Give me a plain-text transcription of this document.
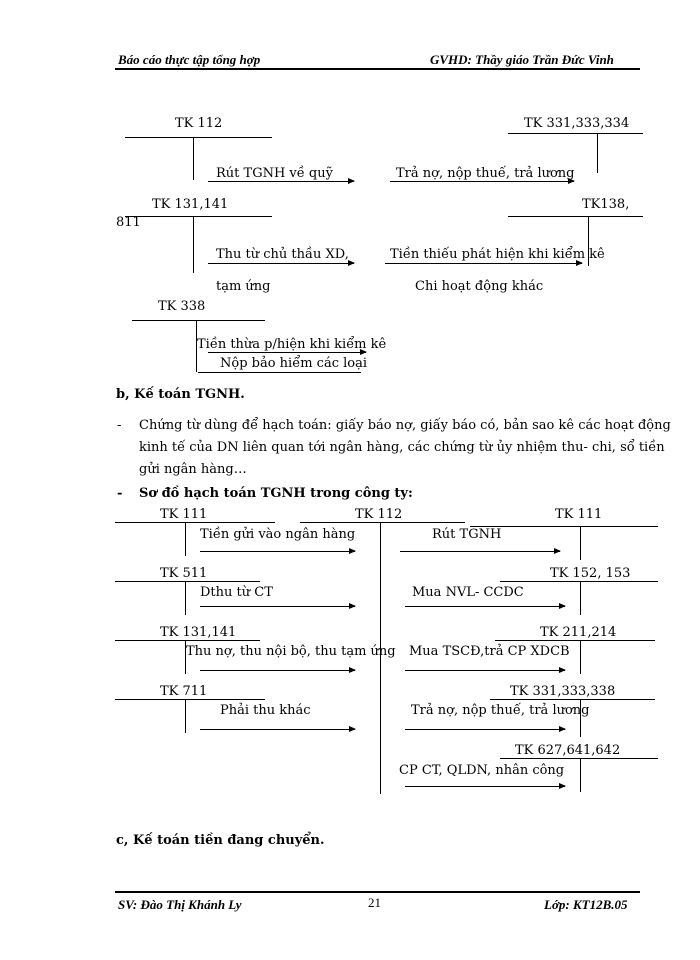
Báo cáo thực tập tổng hợp	GVHD: Thầy giáo Trần Đức Vinh
TK 112	TK 331,333,334
Rút TGNH về quỹ	Trả nợ, nộp thuế, trả lương
TK 131,141	TK138,
811
Thu từ chủ thầu XD,
tạm ứng
Tiền thiếu phát hiện khi kiểm kê
Chi hoạt động khác
TK 338
Tiền thừa p/hiện khi kiểm kê
Nộp bảo hiểm các loại
b, Kế toán TGNH.
- Chứng từ dùng để hạch toán: giấy báo nợ, giấy báo có, bản sao kê các hoạt động
kinh tế của DN liên quan tới ngân hàng, các chứng từ ủy nhiệm thu- chi, sổ tiền
gửi ngân hàng…
- Sơ đồ hạch toán TGNH trong công ty:
TK 112
TK 111
Tiền gửi vào ngân hàng
TK 111
Rút TGNH
TK 511
Dthu từ CT
TK 152, 153
Mua NVL- CCDC
TK 131,141
Thu nợ, thu nội bộ, thu tạm ứng
TK 211,214
Mua TSCĐ,trả CP XDCB
TK 711
Phải thu khác
TK 331,333,338
Trả nợ, nộp thuế, trả lương
TK 627,641,642
CP CT, QLDN, nhân công
c, Kế toán tiền đang chuyển.
SV: Đào Thị Khánh Ly	21	Lớp: KT12B.05
